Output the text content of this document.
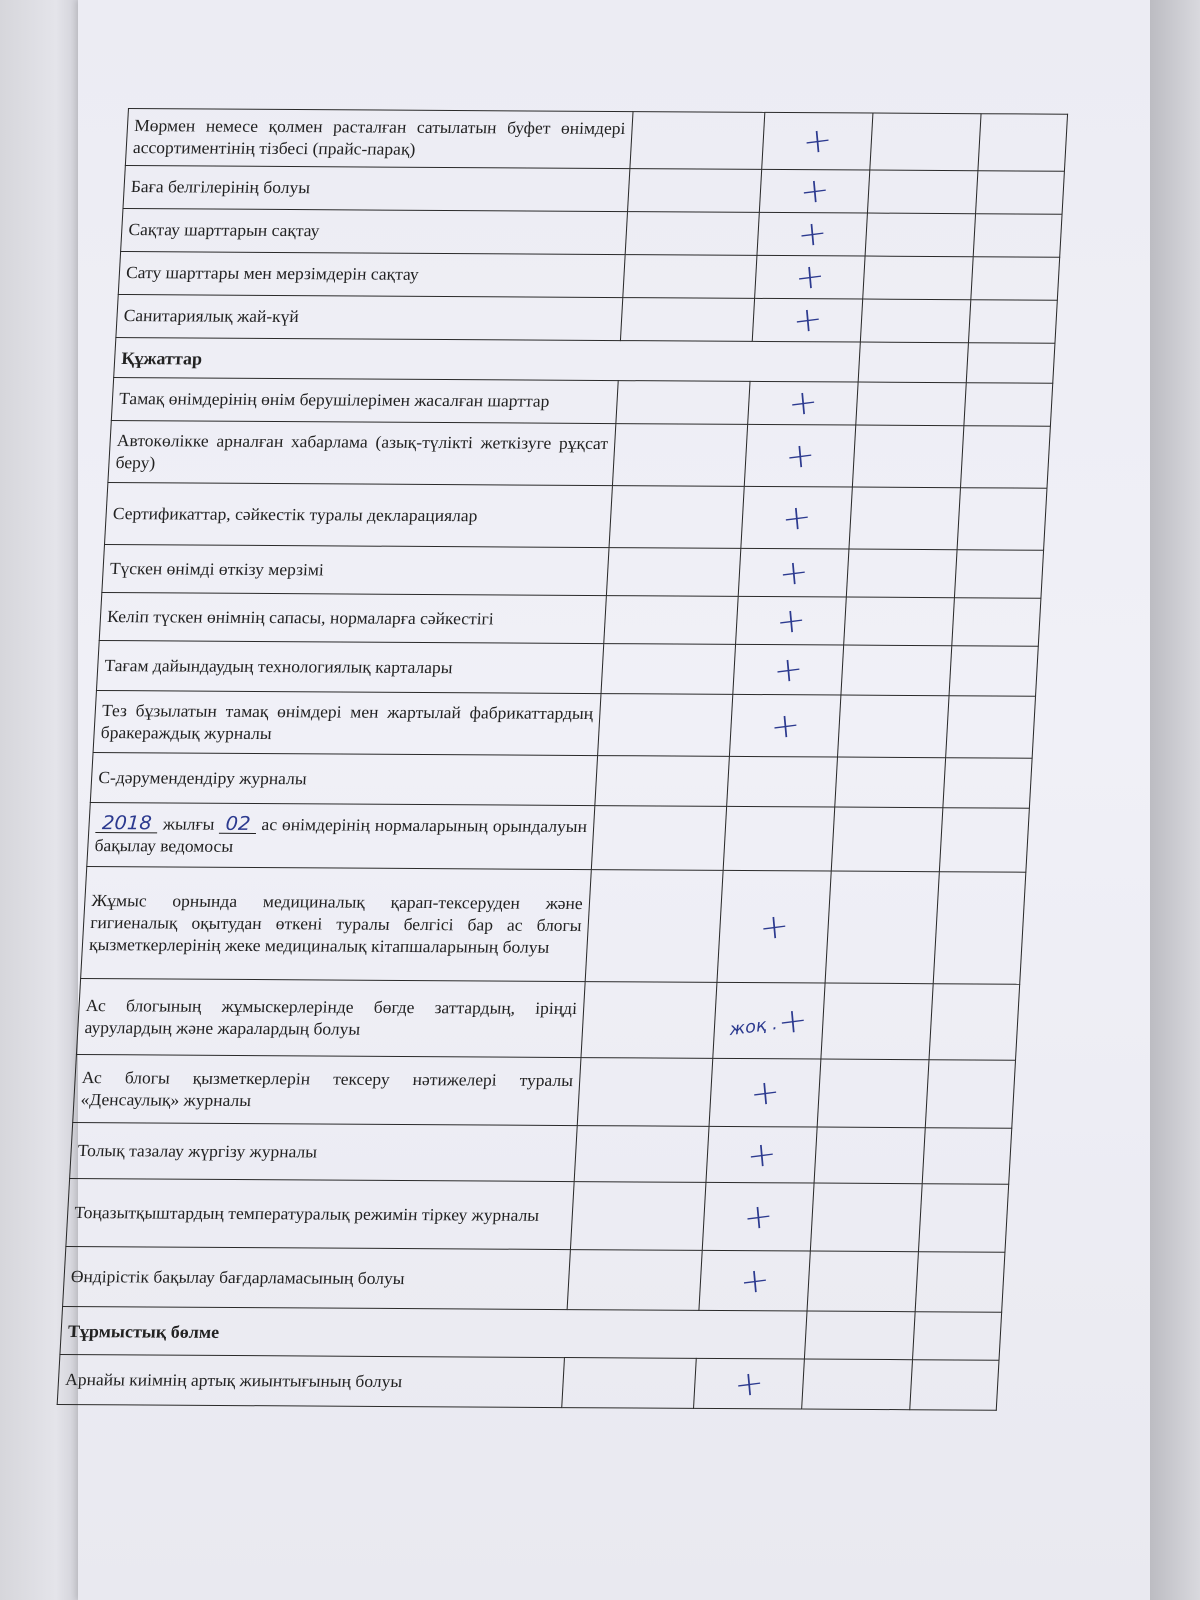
Мөрмен немесе қолмен расталған сатылатын буфет өнімдері ассортиментінің тізбесі (прайс-парақ)		+		
Баға белгілерінің болуы		+		
Сақтау шарттарын сақтау		+		
Сату шарттары мен мерзімдерін сақтау		+		
Санитариялық жай-күй		+		
Құжаттар				
Тамақ өнімдерінің өнім берушілерімен жасалған шарттар		+		
Автокөлікке арналған хабарлама (азық-түлікті жеткізуге рұқсат беру)		+		
Сертификаттар, сәйкестік туралы декларациялар		+		
Түскен өнімді өткізу мерзімі		+		
Келіп түскен өнімнің сапасы, нормаларға сәйкестігі		+		
Тағам дайындаудың технологиялық карталары		+		
Тез бұзылатын тамақ өнімдері мен жартылай фабрикаттардың бракераждық журналы		+		
С-дәрумендендіру журналы				
2018 жылғы 02 ас өнімдерінің нормаларының орындалуын бақылау ведомосы				
Жұмыс орнында медициналық қарап-тексеруден және гигиеналық оқытудан өткені туралы белгісі бар ас блогы қызметкерлерінің жеке медициналық кітапшаларының болуы		+		
Ас блогының жұмыскерлерінде бөгде заттардың, іріңді аурулардың және жаралардың болуы		жоқ .+		
Ас блогы қызметкерлерін тексеру нәтижелері туралы «Денсаулық» журналы		+		
Толық тазалау жүргізу журналы		+		
Тоңазытқыштардың температуралық режимін тіркеу журналы		+		
Өндірістік бақылау бағдарламасының болуы		+		
Тұрмыстық бөлме				
Арнайы киімнің артық жиынтығының болуы		+		
